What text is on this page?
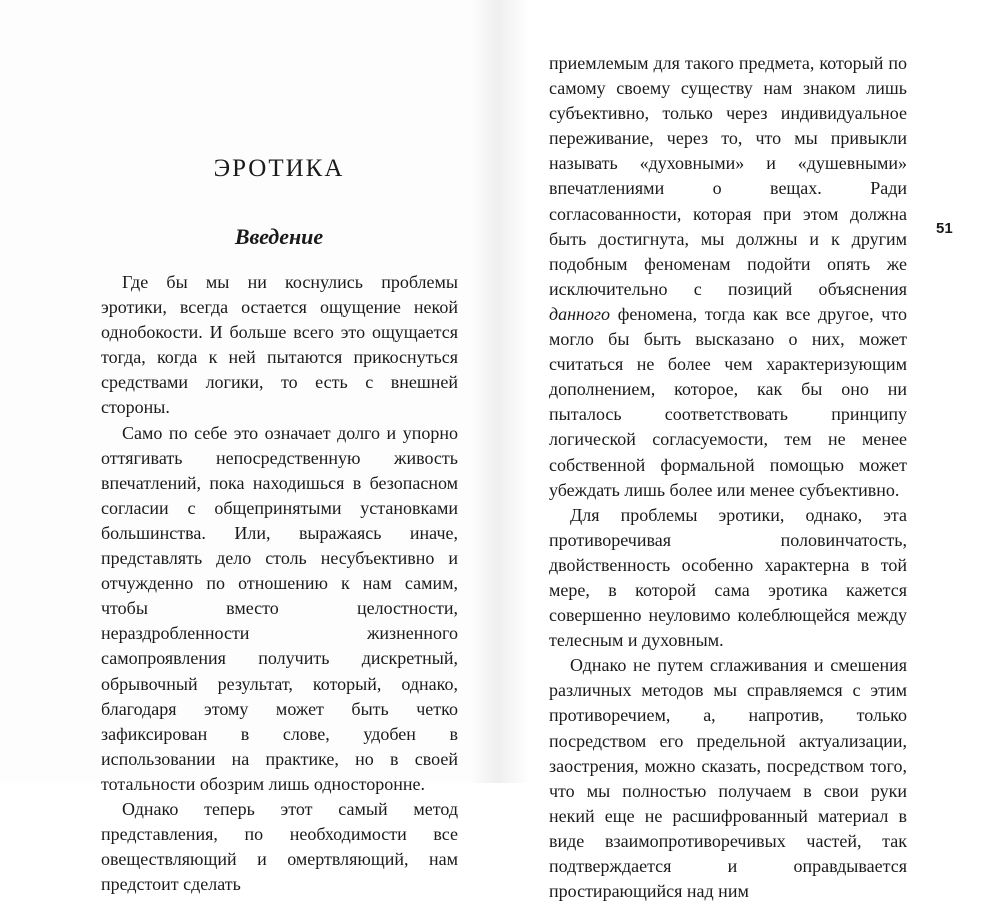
ЭРОТИКА
Введение

Где бы мы ни коснулись проблемы эротики, всегда остается ощущение некой однобокости. И больше всего это ощущается тогда, когда к ней пытаются прикоснуться средствами логики, то есть с внешней стороны.

Само по себе это означает долго и упорно оттягивать непосредственную живость впечатлений, пока находишься в безопасном согласии с общепринятыми установками большинства. Или, выражаясь иначе, представлять дело столь несубъективно и отчужденно по отношению к нам самим, чтобы вместо целостности, нераздробленности жизненного самопроявления получить дискретный, обрывочный результат, который, однако, благодаря этому может быть четко зафиксирован в слове, удобен в использовании на практике, но в своей тотальности обозрим лишь односторонне.

Однако теперь этот самый метод представления, по необходимости все овеществляющий и омертвляющий, нам предстоит сделать

51

приемлемым для такого предмета, который по самому своему существу нам знаком лишь субъективно, только через индивидуальное переживание, через то, что мы привыкли называть «духовными» и «душевными» впечатлениями о вещах. Ради согласованности, которая при этом должна быть достигнута, мы должны и к другим подобным феноменам подойти опять же исключительно с позиций объяснения данного феномена, тогда как все другое, что могло бы быть высказано о них, может считаться не более чем характеризующим дополнением, которое, как бы оно ни пыталось соответствовать принципу логической согласуемости, тем не менее собственной формальной помощью может убеждать лишь более или менее субъективно.

Для проблемы эротики, однако, эта противоречивая половинчатость, двойственность особенно характерна в той мере, в которой сама эротика кажется совершенно неуловимо колеблющейся между телесным и духовным.

Однако не путем сглаживания и смешения различных методов мы справляемся с этим противоречием, а, напротив, только посредством его предельной актуализации, заострения, можно сказать, посредством того, что мы полностью получаем в свои руки некий еще не расшифрованный материал в виде взаимопротиворечивых частей, так подтверждается и оправдывается простирающийся над ним
